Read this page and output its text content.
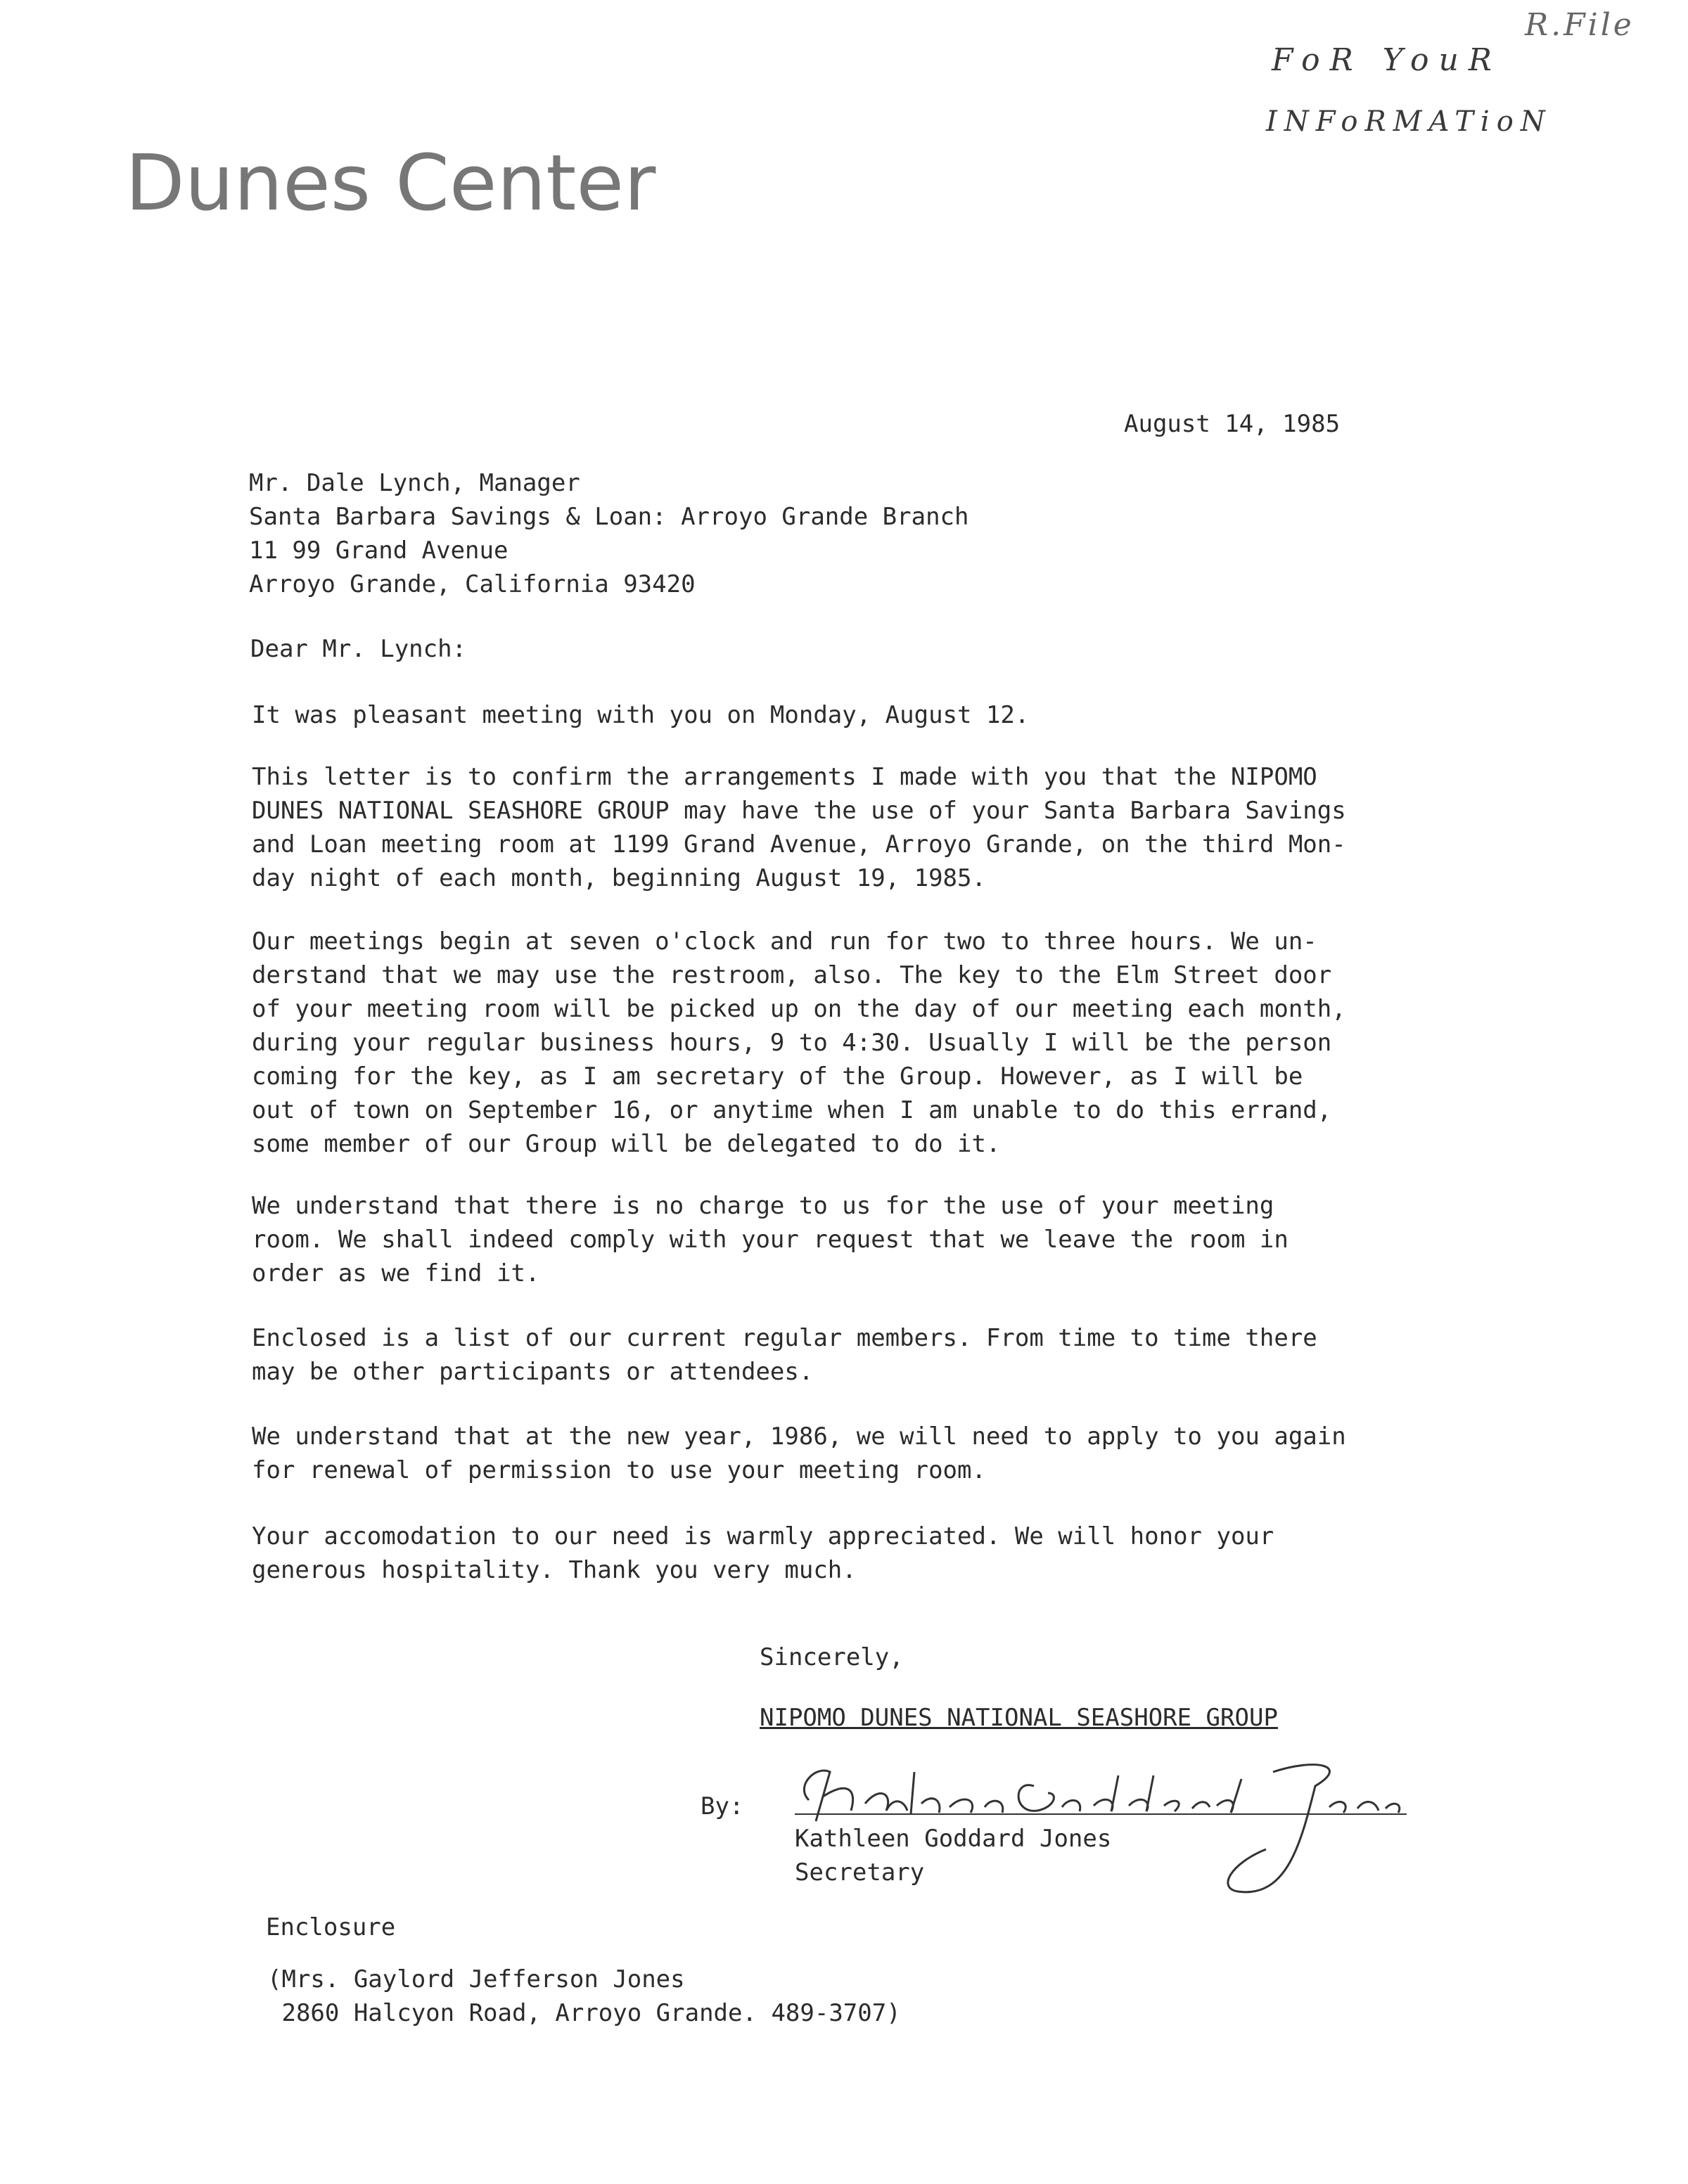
Dunes Center
FoR YouR
INFoRMATioN
R.File
August 14, 1985
Mr. Dale Lynch, Manager
Santa Barbara Savings & Loan: Arroyo Grande Branch
11 99 Grand Avenue
Arroyo Grande, California 93420
Dear Mr. Lynch:
It was pleasant meeting with you on Monday, August 12.
This letter is to confirm the arrangements I made with you that the NIPOMO
DUNES NATIONAL SEASHORE GROUP may have the use of your Santa Barbara Savings
and Loan meeting room at 1199 Grand Avenue, Arroyo Grande, on the third Mon-
day night of each month, beginning August 19, 1985.
Our meetings begin at seven o'clock and run for two to three hours. We un-
derstand that we may use the restroom, also. The key to the Elm Street door
of your meeting room will be picked up on the day of our meeting each month,
during your regular business hours, 9 to 4:30. Usually I will be the person
coming for the key, as I am secretary of the Group. However, as I will be
out of town on September 16, or anytime when I am unable to do this errand,
some member of our Group will be delegated to do it.
We understand that there is no charge to us for the use of your meeting
room. We shall indeed comply with your request that we leave the room in
order as we find it.
Enclosed is a list of our current regular members. From time to time there
may be other participants or attendees.
We understand that at the new year, 1986, we will need to apply to you again
for renewal of permission to use your meeting room.
Your accomodation to our need is warmly appreciated. We will honor your
generous hospitality. Thank you very much.
Sincerely,
NIPOMO DUNES NATIONAL SEASHORE GROUP
By:
Kathleen Goddard Jones
Secretary
Enclosure
(Mrs. Gaylord Jefferson Jones
2860 Halcyon Road, Arroyo Grande. 489-3707)
